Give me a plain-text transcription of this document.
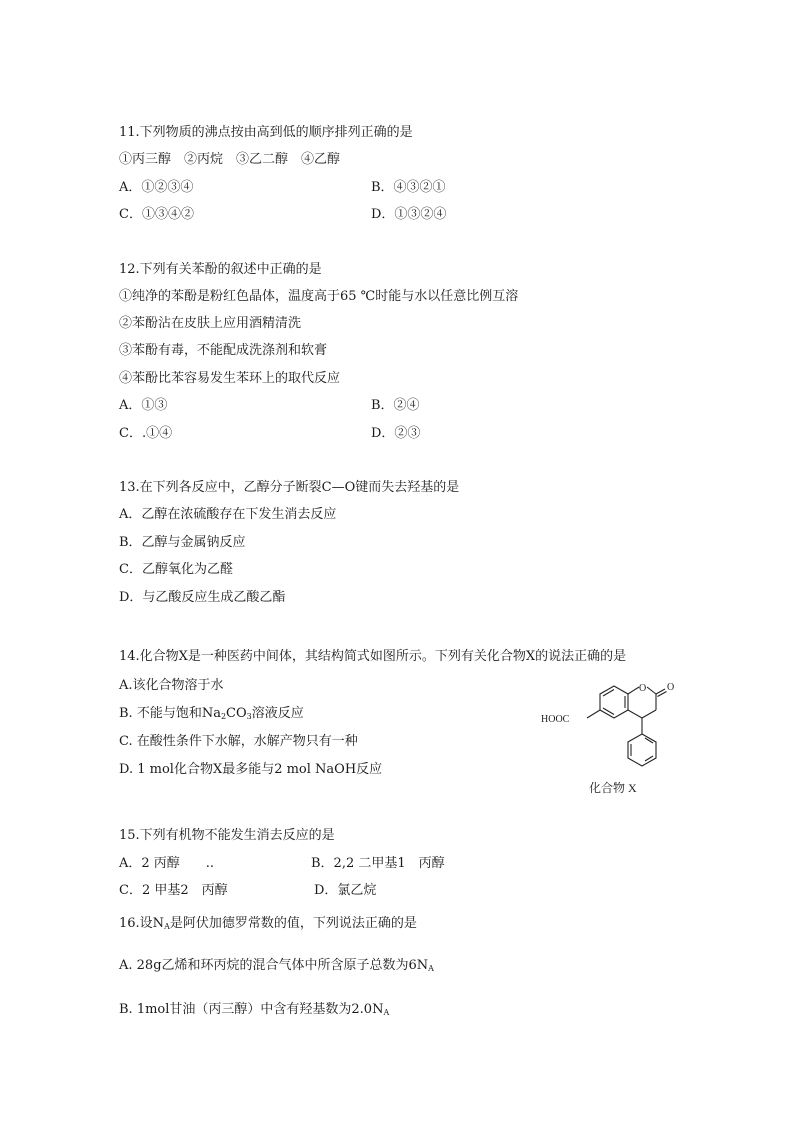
11.下列物质的沸点按由高到低的顺序排列正确的是
①丙三醇　②丙烷　③乙二醇　④乙醇
A．①②③④	B．④③②①
C．①③④②	D．①③②④
12.下列有关苯酚的叙述中正确的是
①纯净的苯酚是粉红色晶体，温度高于65 ℃时能与水以任意比例互溶
②苯酚沾在皮肤上应用酒精清洗
③苯酚有毒，不能配成洗涤剂和软膏
④苯酚比苯容易发生苯环上的取代反应
A．①③	B．②④
C．.①④	D．②③
13.在下列各反应中，乙醇分子断裂C—O键而失去羟基的是
A．乙醇在浓硫酸存在下发生消去反应
B．乙醇与金属钠反应
C．乙醇氧化为乙醛
D．与乙酸反应生成乙酸乙酯
14.化合物X是一种医药中间体，其结构简式如图所示。下列有关化合物X的说法正确的是
A.该化合物溶于水
B. 不能与饱和$Na_2CO_3$溶液反应
C. 在酸性条件下水解，水解产物只有一种
D. 1 mol化合物X最多能与2 mol NaOH反应
O O
HOOC
化合物 X
15.下列有机物不能发生消去反应的是
A．2 丙醇　　..	B．2,2 二甲基1　丙醇
C．2 甲基2　丙醇	D．氯乙烷
16.设$N_A$是阿伏加德罗常数的值，下列说法正确的是
A. 28g乙烯和环丙烷的混合气体中所含原子总数为$6N_A$
B. 1mol甘油（丙三醇）中含有羟基数为$2.0N_A$
